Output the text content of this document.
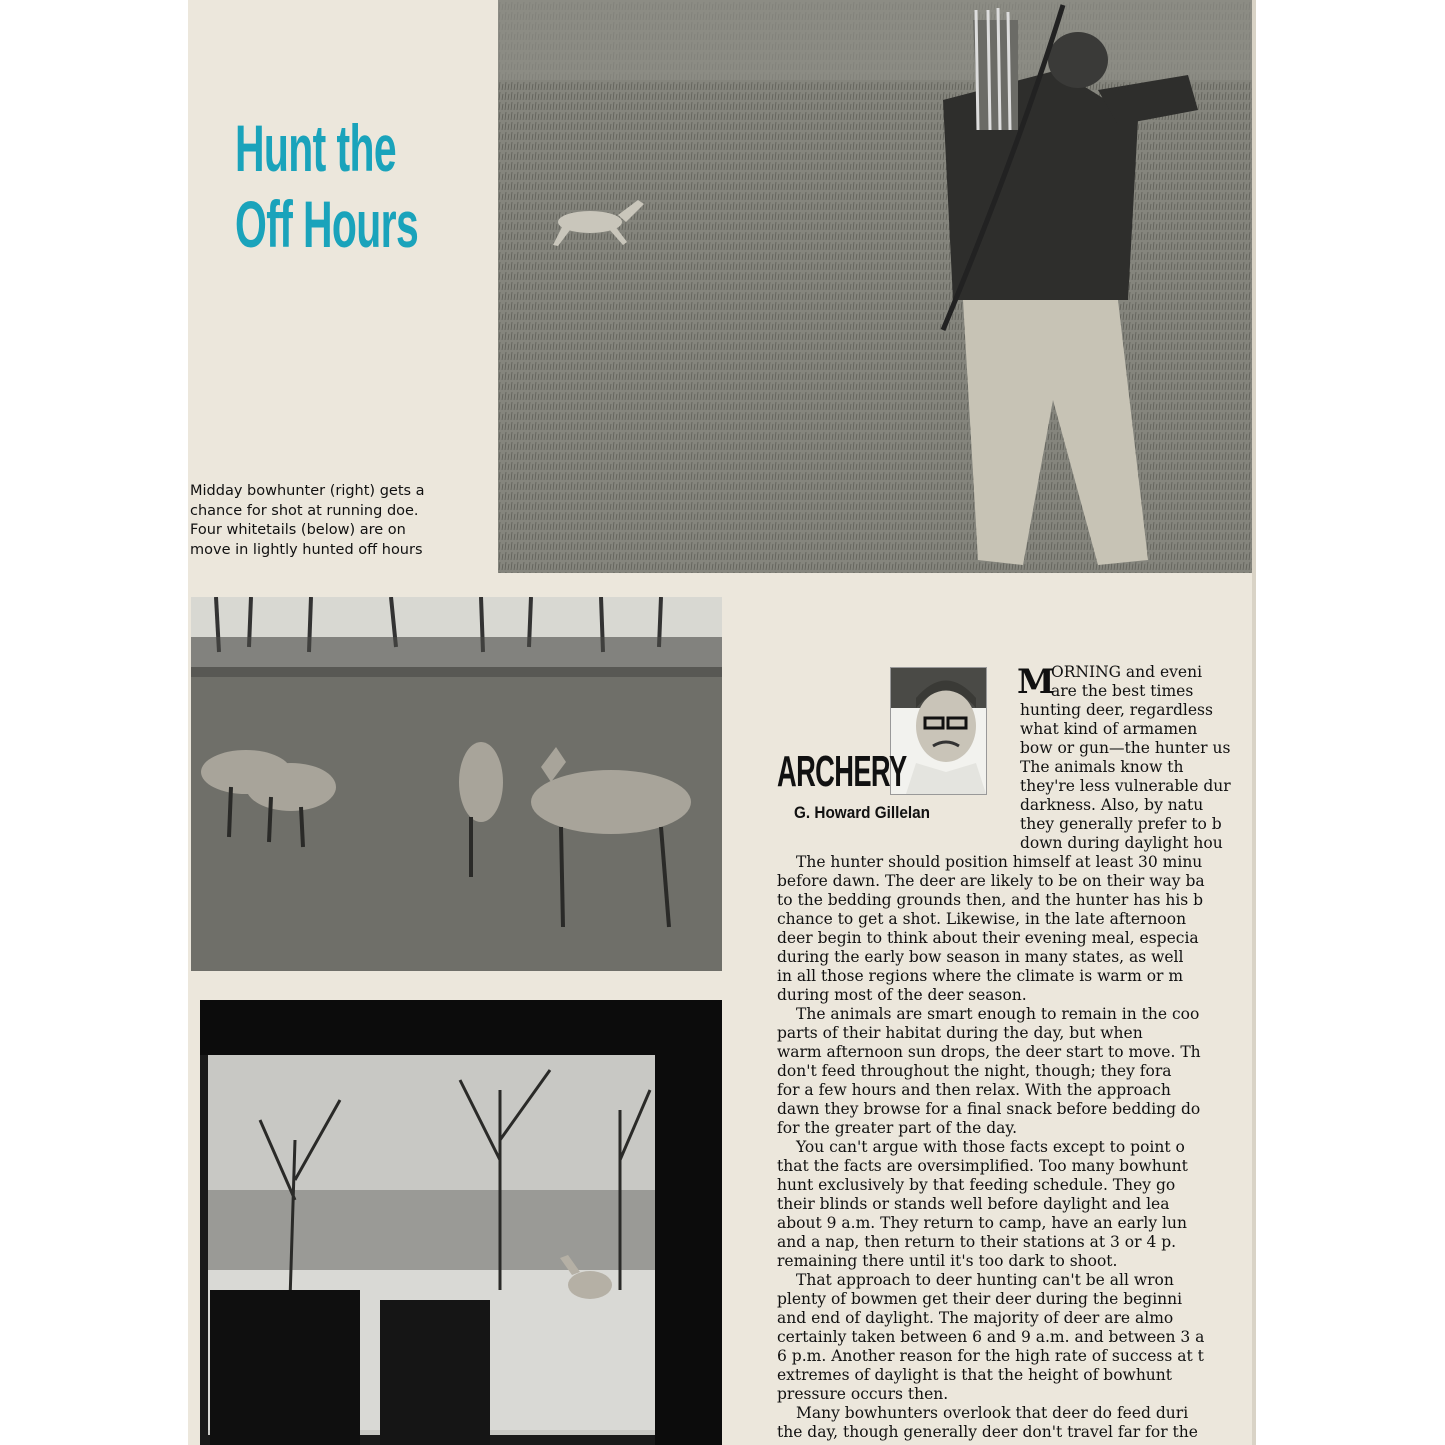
Hunt the
Off Hours
Midday bowhunter (right) gets a
chance for shot at running doe.
Four whitetails (below) are on
move in lightly hunted off hours
ARCHERY
G. Howard Gillelan
M
ORNING and eveni
are the best times
hunting deer, regardless
what kind of armamen
bow or gun—the hunter us
The animals know th
they're less vulnerable dur
darkness. Also, by natu
they generally prefer to b
down during daylight hou
The hunter should position himself at least 30 minu
before dawn. The deer are likely to be on their way ba
to the bedding grounds then, and the hunter has his b
chance to get a shot. Likewise, in the late afternoon
deer begin to think about their evening meal, especia
during the early bow season in many states, as well
in all those regions where the climate is warm or m
during most of the deer season.
The animals are smart enough to remain in the coo
parts of their habitat during the day, but when
warm afternoon sun drops, the deer start to move. Th
don't feed throughout the night, though; they fora
for a few hours and then relax. With the approach
dawn they browse for a final snack before bedding do
for the greater part of the day.
You can't argue with those facts except to point o
that the facts are oversimplified. Too many bowhunt
hunt exclusively by that feeding schedule. They go
their blinds or stands well before daylight and lea
about 9 a.m. They return to camp, have an early lun
and a nap, then return to their stations at 3 or 4 p.
remaining there until it's too dark to shoot.
That approach to deer hunting can't be all wron
plenty of bowmen get their deer during the beginni
and end of daylight. The majority of deer are almo
certainly taken between 6 and 9 a.m. and between 3 a
6 p.m. Another reason for the high rate of success at t
extremes of daylight is that the height of bowhunt
pressure occurs then.
Many bowhunters overlook that deer do feed duri
the day, though generally deer don't travel far for the
